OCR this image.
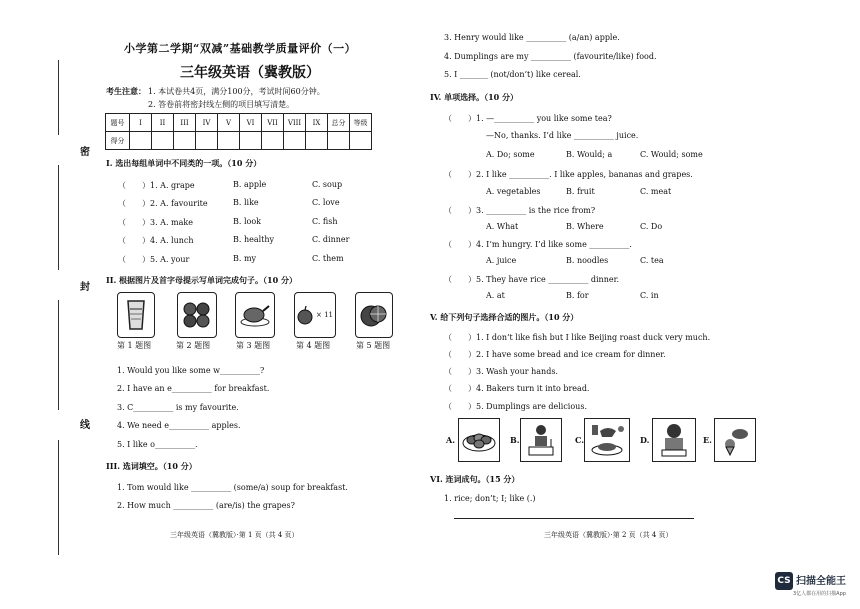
密
封
线
小学第二学期“双减”基础教学质量评价（一）
三年级英语（冀教版）
考生注意： 1. 本试卷共4页，满分100分，考试时间60分钟。
2. 答卷前将密封线左侧的项目填写清楚。
题号	I	II	III	IV	V	VI	VII	VIII	IX	总分	等级
得分											
I. 选出每组单词中不同类的一项。（10 分）
（　　）1. A. grape	B. apple	C. soup
（　　）2. A. favourite	B. like	C. love
（　　）3. A. make	B. look	C. fish
（　　）4. A. lunch	B. healthy	C. dinner
（　　）5. A. your	B. my	C. them
II. 根据图片及首字母提示写单词完成句子。（10 分）
× 11
第 1 题图	第 2 题图	第 3 题图	第 4 题图	第 5 题图
1. Would you like some w__________?
2. I have an e__________ for breakfast.
3. C__________ is my favourite.
4. We need e__________ apples.
5. I like o__________.
III. 选词填空。（10 分）
1. Tom would like __________ (some/a) soup for breakfast.
2. How much __________ (are/is) the grapes?
三年级英语（冀教版）·第 1 页（共 4 页）
3. Henry would like __________ (a/an) apple.
4. Dumplings are my __________ (favourite/like) food.
5. I _______ (not/don’t) like cereal.
IV. 单项选择。（10 分）
（　　）1. —__________ you like some tea?
—No, thanks. I’d like __________ juice.
A. Do; some	B. Would; a	C. Would; some
（　　）2. I like __________. I like apples, bananas and grapes.
A. vegetables	B. fruit	C. meat
（　　）3. __________ is the rice from?
A. What	B. Where	C. Do
（　　）4. I’m hungry. I’d like some __________.
A. juice	B. noodles	C. tea
（　　）5. They have rice __________ dinner.
A. at	B. for	C. in
V. 给下列句子选择合适的图片。（10 分）
（　　）1. I don’t like fish but I like Beijing roast duck very much.
（　　）2. I have some bread and ice cream for dinner.
（　　）3. Wash your hands.
（　　）4. Bakers turn it into bread.
（　　）5. Dumplings are delicious.
A.	B.	C.	D.	E.
VI. 连词成句。（15 分）
1. rice; don’t; I; like (.)
三年级英语（冀教版）·第 2 页（共 4 页）
CS 扫描全能王
3亿人都在用的扫描App
